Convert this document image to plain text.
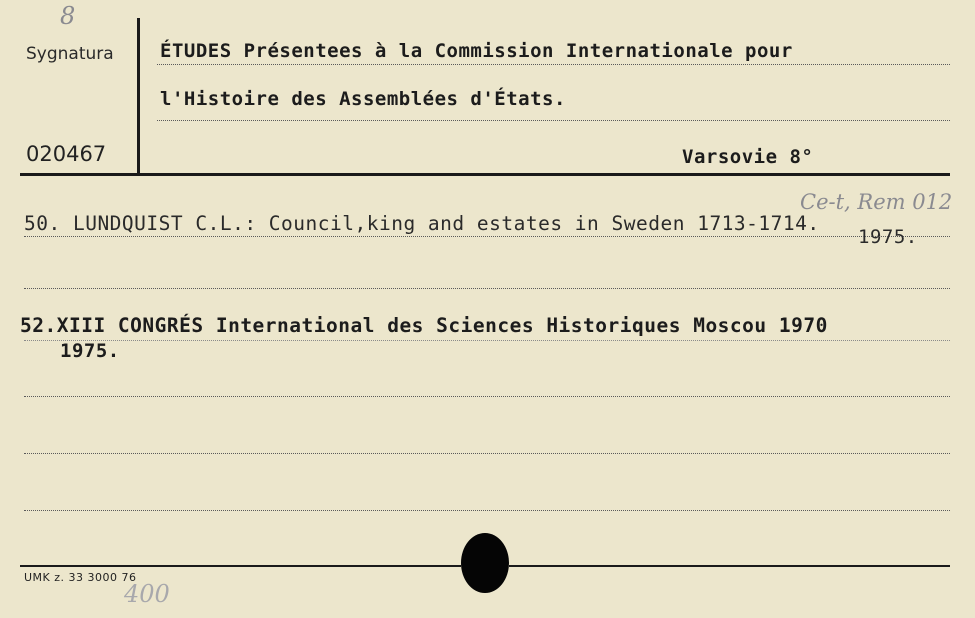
8
Sygnatura
020467
ÉTUDES Présentees à la Commission Internationale pour
l'Histoire des Assemblées d'États.
Varsovie 8°
Ce-t, Rem 012
50. LUNDQUIST C.L.: Council,king and estates in Sweden 1713-1714.
1975.
52.XIII CONGRÉS International des Sciences Historiques Moscou 1970
1975.
UMK z. 33 3000 76
400
